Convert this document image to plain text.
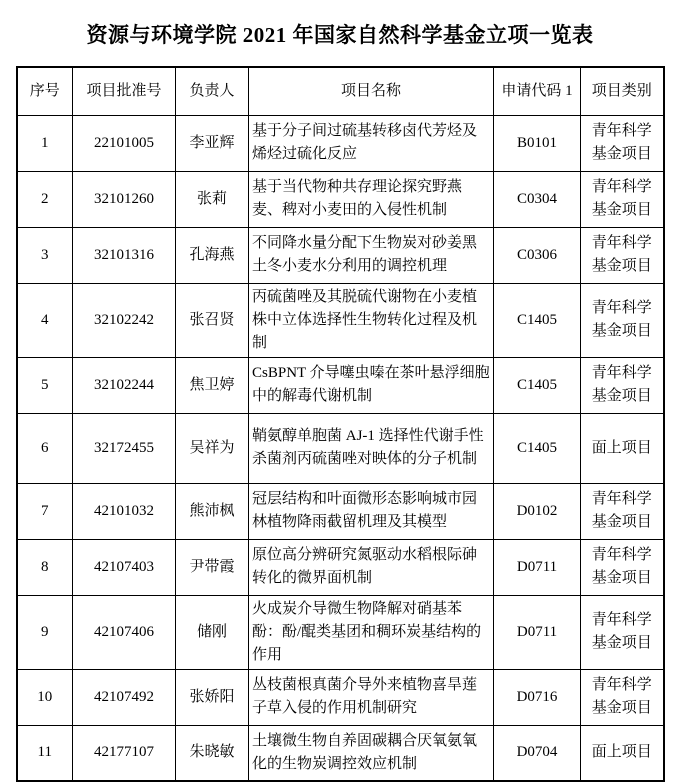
资源与环境学院 2021 年国家自然科学基金立项一览表
序号	项目批准号	负责人	项目名称	申请代码 1	项目类别
1	22101005	李亚辉	基于分子间过硫基转移卤代芳烃及烯烃过硫化反应	B0101	青年科学基金项目
2	32101260	张莉	基于当代物种共存理论探究野燕麦、稗对小麦田的入侵性机制	C0304	青年科学基金项目
3	32101316	孔海燕	不同降水量分配下生物炭对砂姜黑土冬小麦水分利用的调控机理	C0306	青年科学基金项目
4	32102242	张召贤	丙硫菌唑及其脱硫代谢物在小麦植株中立体选择性生物转化过程及机制	C1405	青年科学基金项目
5	32102244	焦卫婷	CsBPNT 介导噻虫嗪在茶叶悬浮细胞中的解毒代谢机制	C1405	青年科学基金项目
6	32172455	吴祥为	鞘氨醇单胞菌 AJ-1 选择性代谢手性杀菌剂丙硫菌唑对映体的分子机制	C1405	面上项目
7	42101032	熊沛枫	冠层结构和叶面微形态影响城市园林植物降雨截留机理及其模型	D0102	青年科学基金项目
8	42107403	尹带霞	原位高分辨研究氮驱动水稻根际砷转化的微界面机制	D0711	青年科学基金项目
9	42107406	储刚	火成炭介导微生物降解对硝基苯酚：酚/醌类基团和稠环炭基结构的作用	D0711	青年科学基金项目
10	42107492	张娇阳	丛枝菌根真菌介导外来植物喜旱莲子草入侵的作用机制研究	D0716	青年科学基金项目
11	42177107	朱晓敏	土壤微生物自养固碳耦合厌氧氨氧化的生物炭调控效应机制	D0704	面上项目
